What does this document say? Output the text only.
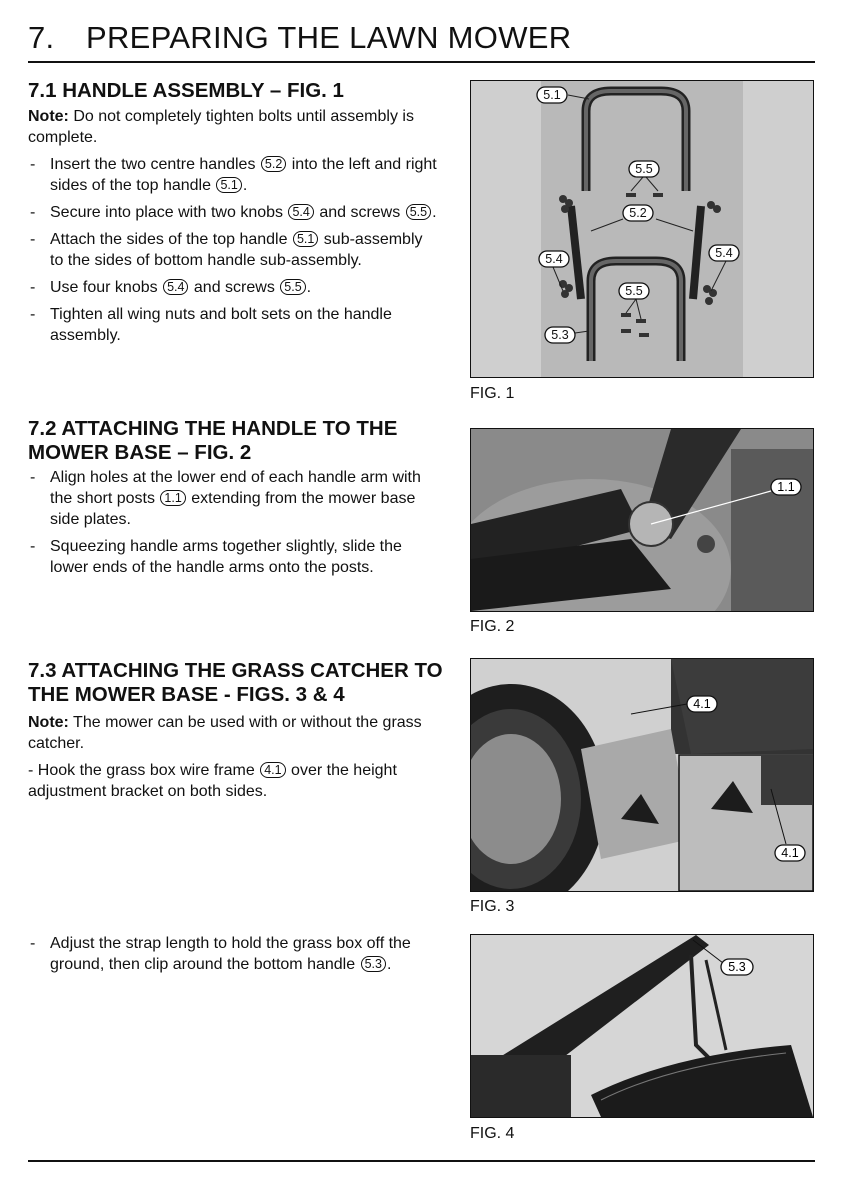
7. PREPARING THE LAWN MOWER
7.1 HANDLE ASSEMBLY – FIG. 1

Note: Do not completely tighten bolts until assembly is complete.

- Insert the two centre handles 5.2 into the left and right sides of the top handle 5.1 .
- Secure into place with two knobs 5.4 and screws 5.5 .
- Attach the sides of the top handle 5.1 sub-assembly to the sides of bottom handle sub-assembly.
- Use four knobs 5.4 and screws 5.5 .
- Tighten all wing nuts and bolt sets on the handle assembly.
5.1
5.5
5.2
5.4	5.4
5.5
5.3
FIG. 1
7.2 ATTACHING THE HANDLE TO THE MOWER BASE – FIG. 2
- Align holes at the lower end of each handle arm with the short posts 1.1 extending from the mower base side plates.
- Squeezing handle arms together slightly, slide the lower ends of the handle arms onto the posts.
1.1
FIG. 2
7.3 ATTACHING THE GRASS CATCHER TO THE MOWER BASE - FIGS. 3 & 4

Note: The mower can be used with or without the grass catcher.

- Hook the grass box wire frame 4.1 over the height adjustment bracket on both sides.

- Adjust the strap length to hold the grass box off the ground, then clip around the bottom handle 5.3 .
4.1
4.1
FIG. 3
5.3
FIG. 4
